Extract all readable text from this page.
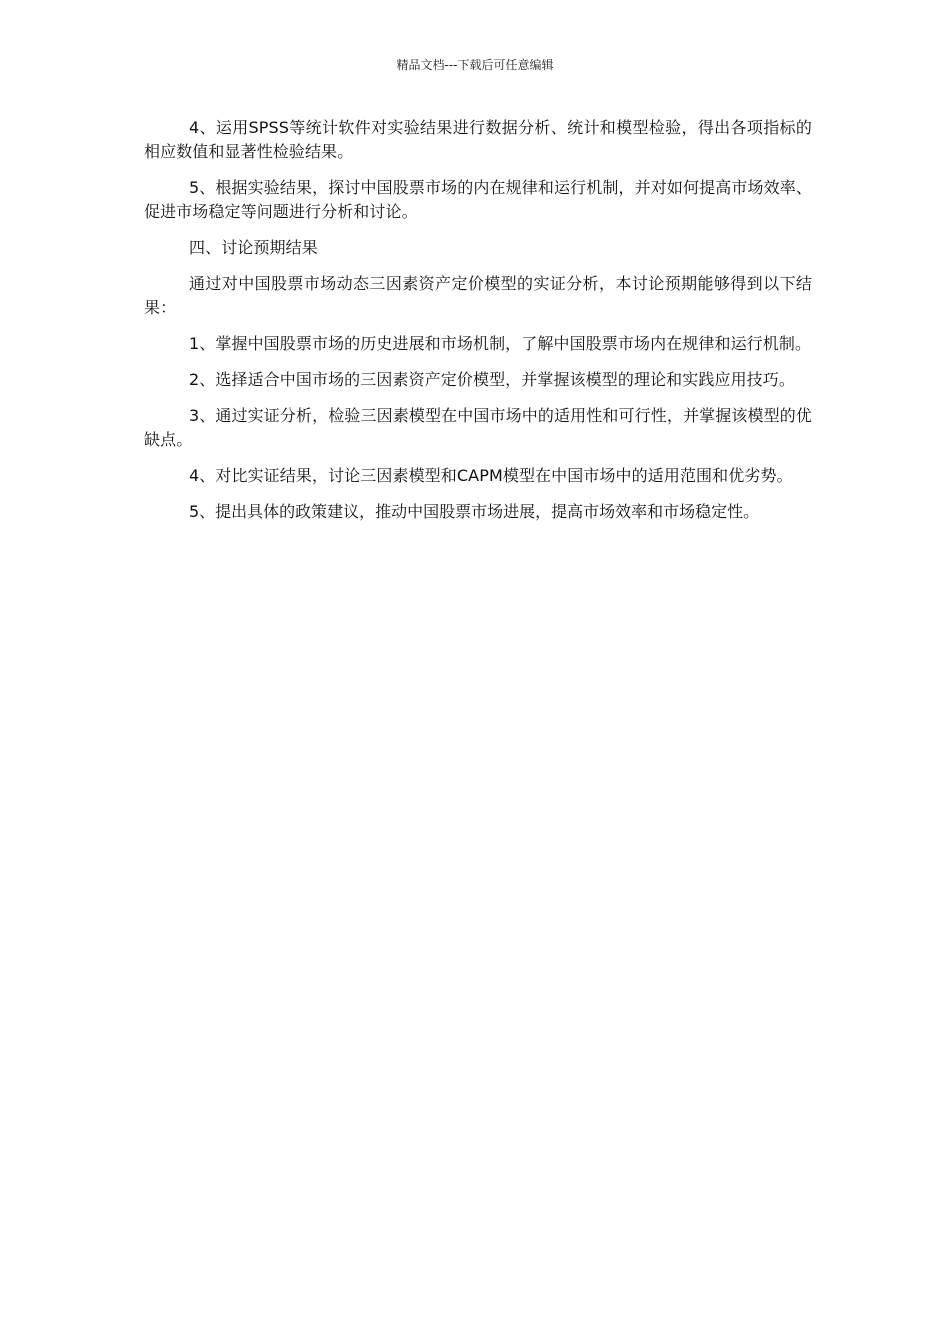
精品文档---下载后可任意编辑

4、运用SPSS等统计软件对实验结果进行数据分析、统计和模型检验，得出各项指标的相应数值和显著性检验结果。

5、根据实验结果，探讨中国股票市场的内在规律和运行机制，并对如何提高市场效率、促进市场稳定等问题进行分析和讨论。

四、讨论预期结果

通过对中国股票市场动态三因素资产定价模型的实证分析，本讨论预期能够得到以下结果：

1、掌握中国股票市场的历史进展和市场机制，了解中国股票市场内在规律和运行机制。

2、选择适合中国市场的三因素资产定价模型，并掌握该模型的理论和实践应用技巧。

3、通过实证分析，检验三因素模型在中国市场中的适用性和可行性，并掌握该模型的优缺点。

4、对比实证结果，讨论三因素模型和CAPM模型在中国市场中的适用范围和优劣势。

5、提出具体的政策建议，推动中国股票市场进展，提高市场效率和市场稳定性。
